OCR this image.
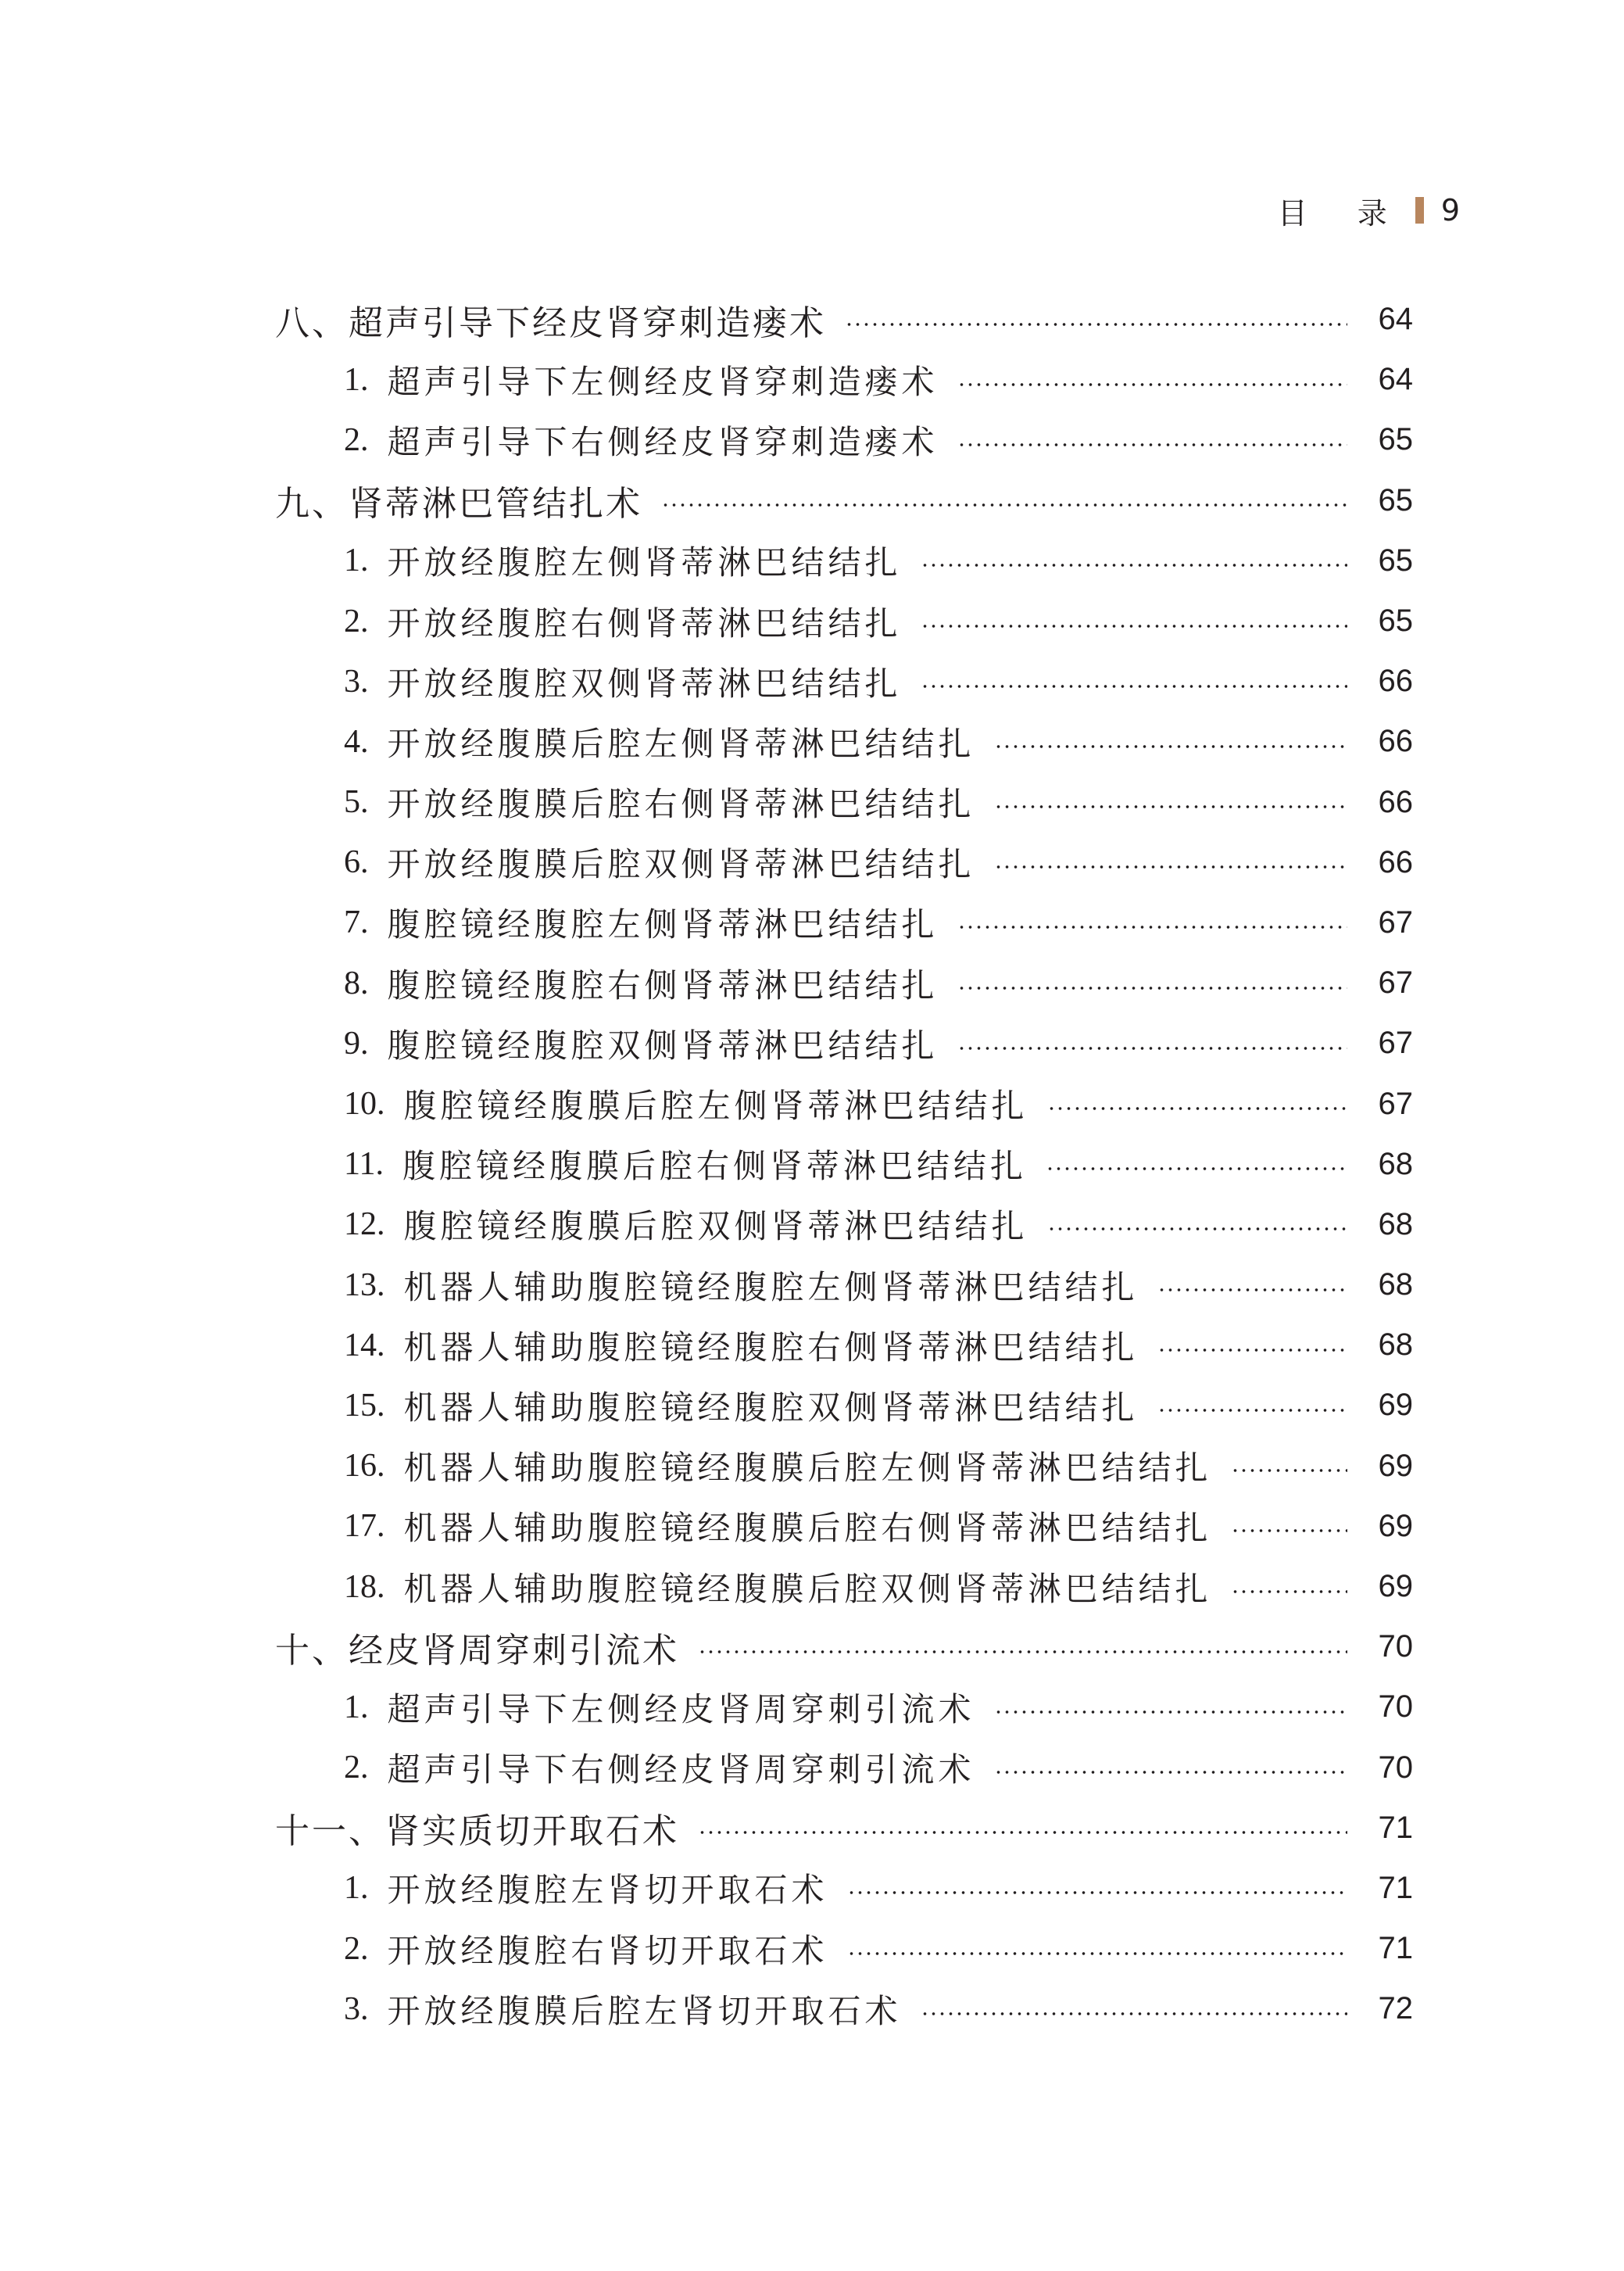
目 录 9
八、超声引导下经皮肾穿刺造瘘术	64
1. 超声引导下左侧经皮肾穿刺造瘘术	64
2. 超声引导下右侧经皮肾穿刺造瘘术	65
九、肾蒂淋巴管结扎术	65
1. 开放经腹腔左侧肾蒂淋巴结结扎	65
2. 开放经腹腔右侧肾蒂淋巴结结扎	65
3. 开放经腹腔双侧肾蒂淋巴结结扎	66
4. 开放经腹膜后腔左侧肾蒂淋巴结结扎	66
5. 开放经腹膜后腔右侧肾蒂淋巴结结扎	66
6. 开放经腹膜后腔双侧肾蒂淋巴结结扎	66
7. 腹腔镜经腹腔左侧肾蒂淋巴结结扎	67
8. 腹腔镜经腹腔右侧肾蒂淋巴结结扎	67
9. 腹腔镜经腹腔双侧肾蒂淋巴结结扎	67
10. 腹腔镜经腹膜后腔左侧肾蒂淋巴结结扎	67
11. 腹腔镜经腹膜后腔右侧肾蒂淋巴结结扎	68
12. 腹腔镜经腹膜后腔双侧肾蒂淋巴结结扎	68
13. 机器人辅助腹腔镜经腹腔左侧肾蒂淋巴结结扎	68
14. 机器人辅助腹腔镜经腹腔右侧肾蒂淋巴结结扎	68
15. 机器人辅助腹腔镜经腹腔双侧肾蒂淋巴结结扎	69
16. 机器人辅助腹腔镜经腹膜后腔左侧肾蒂淋巴结结扎	69
17. 机器人辅助腹腔镜经腹膜后腔右侧肾蒂淋巴结结扎	69
18. 机器人辅助腹腔镜经腹膜后腔双侧肾蒂淋巴结结扎	69
十、经皮肾周穿刺引流术	70
1. 超声引导下左侧经皮肾周穿刺引流术	70
2. 超声引导下右侧经皮肾周穿刺引流术	70
十一、肾实质切开取石术	71
1. 开放经腹腔左肾切开取石术	71
2. 开放经腹腔右肾切开取石术	71
3. 开放经腹膜后腔左肾切开取石术	72
